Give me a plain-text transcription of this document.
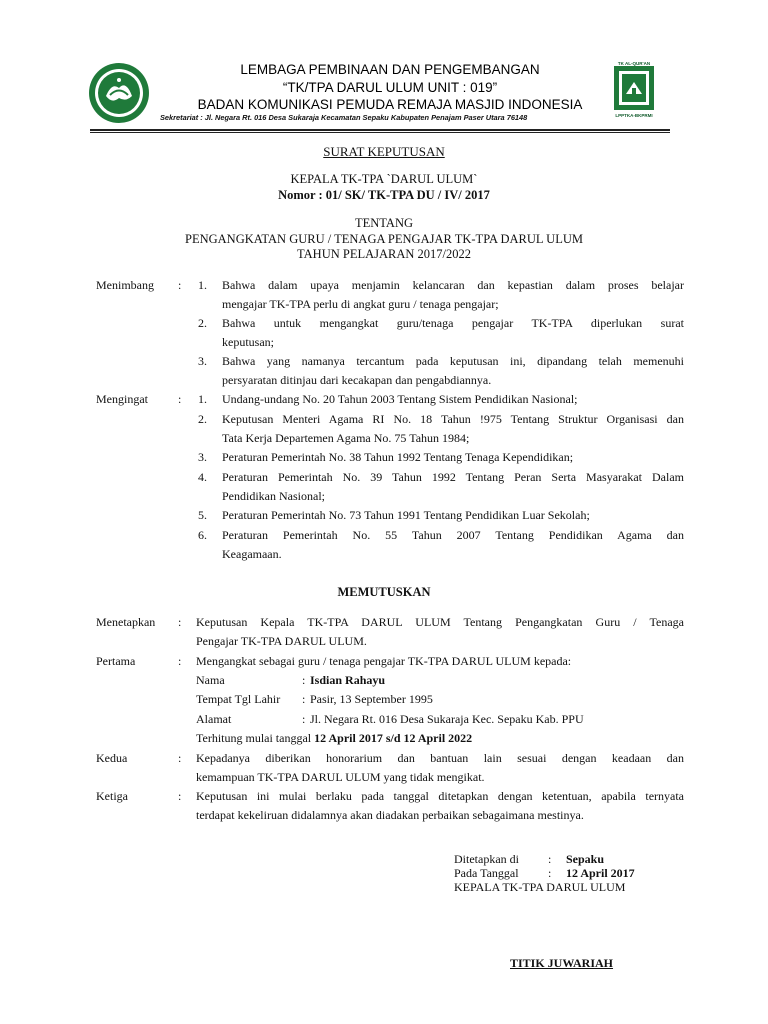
TK AL-QUR'AN
LPPTKA-BKPRMI
LEMBAGA PEMBINAAN DAN PENGEMBANGAN
“TK/TPA DARUL ULUM UNIT : 019”
BADAN KOMUNIKASI PEMUDA REMAJA MASJID INDONESIA
Sekretariat : Jl. Negara Rt. 016 Desa Sukaraja Kecamatan Sepaku Kabupaten Penajam Paser Utara 76148
SURAT KEPUTUSAN
KEPALA TK-TPA `DARUL ULUM`
Nomor : 01/ SK/ TK-TPA DU / IV/ 2017
TENTANG
PENGANGKATAN GURU / TENAGA PENGAJAR TK-TPA DARUL ULUM
TAHUN PELAJARAN 2017/2022
Menimbang : 1. Bahwa dalam upaya menjamin kelancaran dan kepastian dalam proses belajar
mengajar TK-TPA perlu di angkat guru / tenaga pengajar;
2. Bahwa untuk mengangkat guru/tenaga pengajar TK-TPA diperlukan surat
keputusan;
3. Bahwa yang namanya tercantum pada keputusan ini, dipandang telah memenuhi
persyaratan ditinjau dari kecakapan dan pengabdiannya.
Mengingat	: 1. Undang-undang No. 20 Tahun 2003 Tentang Sistem Pendidikan Nasional;
2. Keputusan Menteri Agama RI No. 18 Tahun !975 Tentang Struktur Organisasi dan
Tata Kerja Departemen Agama No. 75 Tahun 1984;
3. Peraturan Pemerintah No. 38 Tahun 1992 Tentang Tenaga Kependidikan;
4. Peraturan Pemerintah No. 39 Tahun 1992 Tentang Peran Serta Masyarakat Dalam
Pendidikan Nasional;
5. Peraturan Pemerintah No. 73 Tahun 1991 Tentang Pendidikan Luar Sekolah;
6. Peraturan Pemerintah No. 55 Tahun 2007 Tentang Pendidikan Agama dan
Keagamaan.
MEMUTUSKAN
Menetapkan : Keputusan Kepala TK-TPA DARUL ULUM Tentang Pengangkatan Guru / Tenaga
Pengajar TK-TPA DARUL ULUM.
Pertama	: Mengangkat sebagai guru / tenaga pengajar TK-TPA DARUL ULUM kepada:
Nama	: Isdian Rahayu
Tempat Tgl Lahir : Pasir, 13 September 1995
Alamat	: Jl. Negara Rt. 016 Desa Sukaraja Kec. Sepaku Kab. PPU
Terhitung mulai tanggal 12 April 2017 s/d 12 April 2022
Kedua	: Kepadanya diberikan honorarium dan bantuan lain sesuai dengan keadaan dan
kemampuan TK-TPA DARUL ULUM yang tidak mengikat.
Ketiga	: Keputusan ini mulai berlaku pada tanggal ditetapkan dengan ketentuan, apabila ternyata
terdapat kekeliruan didalamnya akan diadakan perbaikan sebagaimana mestinya.
Ditetapkan di : Sepaku
Pada Tanggal : 12 April 2017
KEPALA TK-TPA DARUL ULUM
TITIK JUWARIAH
